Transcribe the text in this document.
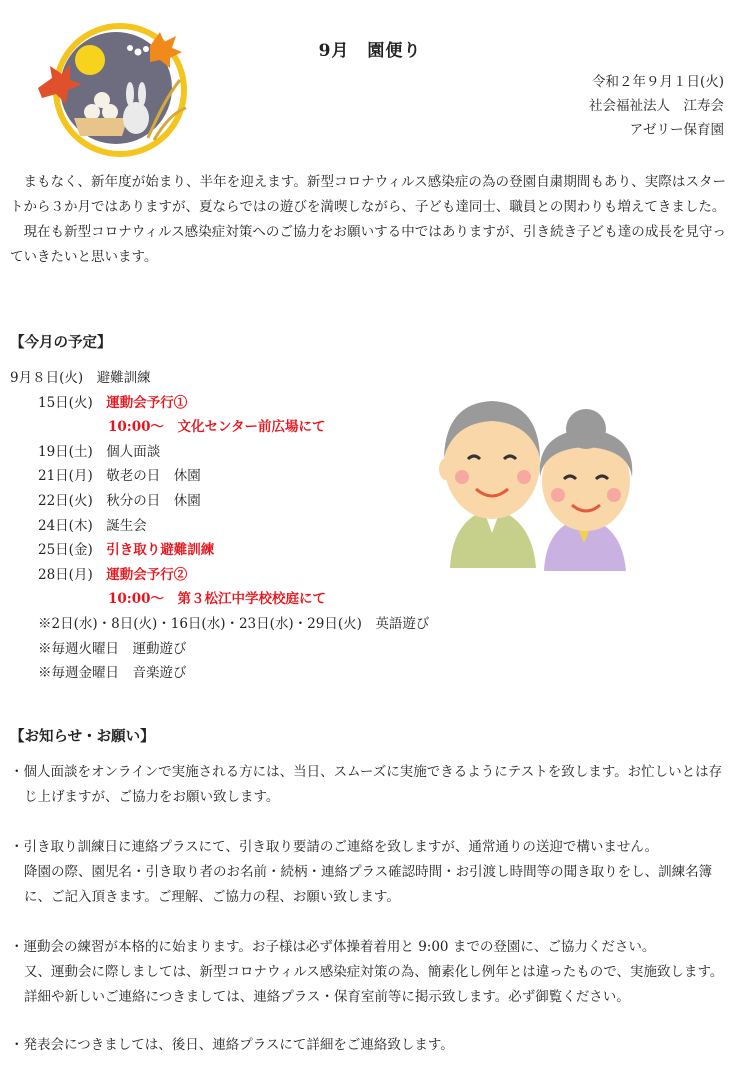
9月　園便り
令和２年９月１日(火)
社会福祉法人　江寿会
アゼリー保育園

まもなく、新年度が始まり、半年を迎えます。新型コロナウィルス感染症の為の登園自粛期間もあり、実際はスタートから３か月ではありますが、夏ならではの遊びを満喫しながら、子ども達同士、職員との関わりも増えてきました。

現在も新型コロナウィルス感染症対策へのご協力をお願いする中ではありますが、引き続き子ども達の成長を見守っていきたいと思います。

【今月の予定】
9月８日(火)　 避難訓練
15日(火)　 運動会予行①
10:00～　文化センター前広場にて
19日(土)　 個人面談
21日(月)　 敬老の日　休園
22日(火)　 秋分の日　休園
24日(木)　 誕生会
25日(金)　 引き取り避難訓練
28日(月)　 運動会予行②
10:00～　第３松江中学校校庭にて
※2日(水)・8日(火)・16日(水)・23日(水)・29日(火)　英語遊び
※毎週火曜日　運動遊び
※毎週金曜日　音楽遊び
【お知らせ・お願い】

・個人面談をオンラインで実施される方には、当日、スムーズに実施できるようにテストを致します。お忙しいとは存じ上げますが、ご協力をお願い致します。

・引き取り訓練日に連絡プラスにて、引き取り要請のご連絡を致しますが、通常通りの送迎で構いません。

降園の際、園児名・引き取り者のお名前・続柄・連絡プラス確認時間・お引渡し時間等の聞き取りをし、訓練名簿に、ご記入頂きます。ご理解、ご協力の程、お願い致します。

・運動会の練習が本格的に始まります。お子様は必ず体操着着用と 9:00 までの登園に、ご協力ください。

又、運動会に際しましては、新型コロナウィルス感染症対策の為、簡素化し例年とは違ったもので、実施致します。詳細や新しいご連絡につきましては、連絡プラス・保育室前等に掲示致します。必ず御覧ください。

・発表会につきましては、後日、連絡プラスにて詳細をご連絡致します。
